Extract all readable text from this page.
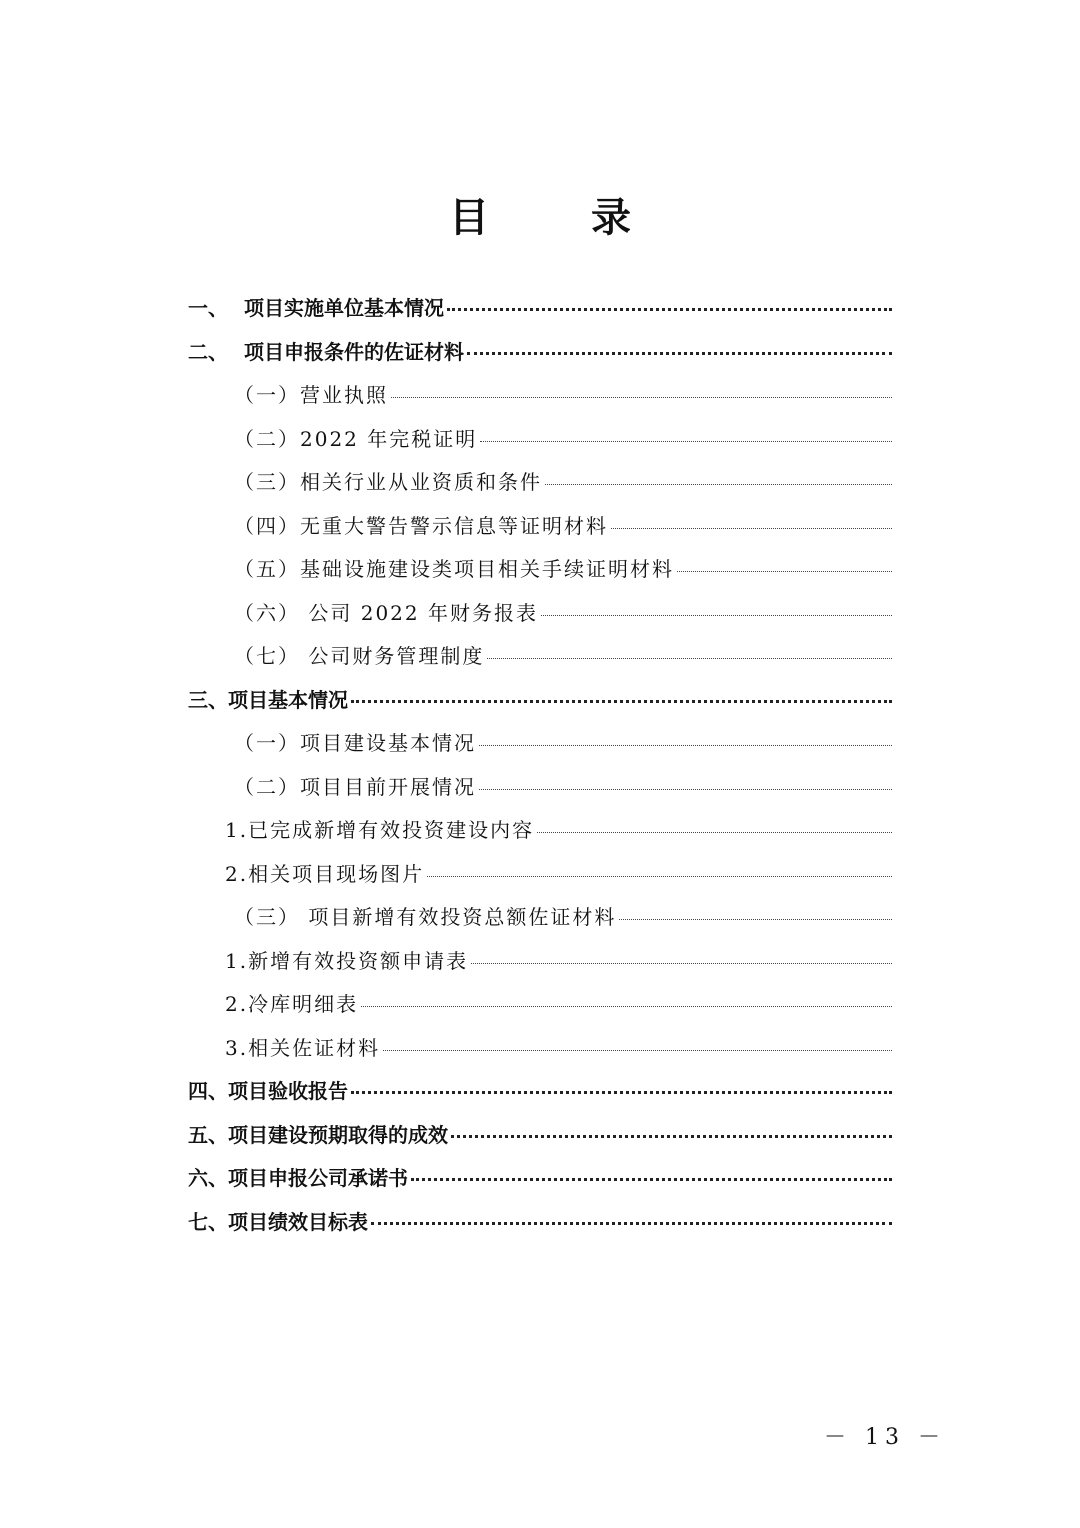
目 录
一、 项目实施单位基本情况
二、 项目申报条件的佐证材料
（一）营业执照
（二）2022 年完税证明
（三）相关行业从业资质和条件
（四）无重大警告警示信息等证明材料
（五）基础设施建设类项目相关手续证明材料
（六） 公司 2022 年财务报表
（七） 公司财务管理制度
三、 项目基本情况
（一）项目建设基本情况
（二）项目目前开展情况
1.已完成新增有效投资建设内容
2.相关项目现场图片
（三） 项目新增有效投资总额佐证材料
1.新增有效投资额申请表
2.冷库明细表
3.相关佐证材料
四、 项目验收报告
五、 项目建设预期取得的成效
六、 项目申报公司承诺书
七、 项目绩效目标表
－ 13 －
